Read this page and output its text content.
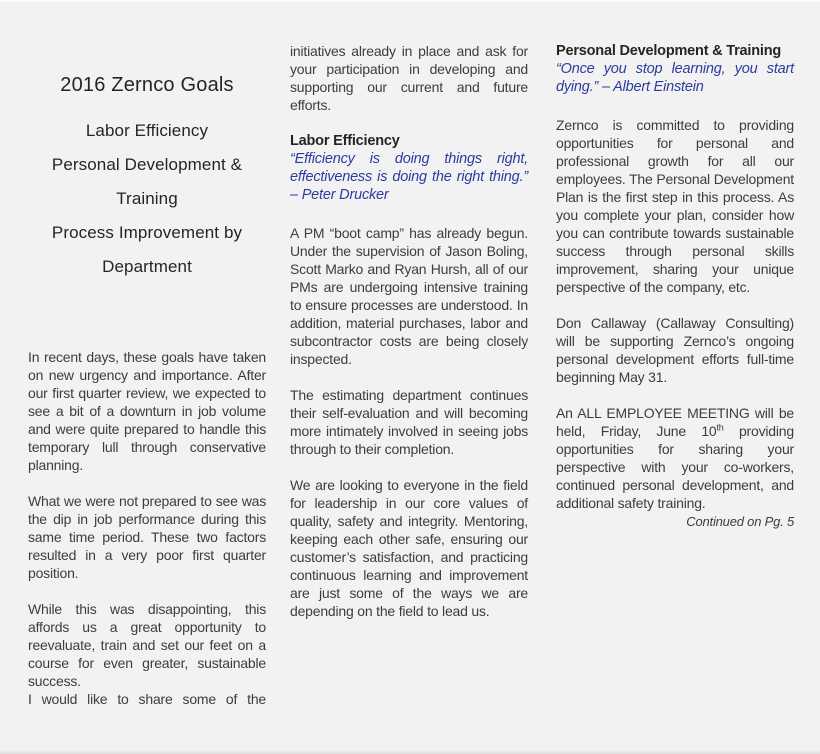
2016 Zernco Goals
Labor Efficiency
Personal Development & Training
Process Improvement by Department

In recent days, these goals have taken on new urgency and importance. After our first quarter review, we expected to see a bit of a downturn in job volume and were quite prepared to handle this temporary lull through conservative planning.

What we were not prepared to see was the dip in job performance during this same time period. These two factors resulted in a very poor first quarter position.

While this was disappointing, this affords us a great opportunity to reevaluate, train and set our feet on a course for even greater, sustainable success.

I would like to share some of the

initiatives already in place and ask for your participation in developing and supporting our current and future efforts.

Labor Efficiency

“Efficiency is doing things right, effectiveness is doing the right thing.” – Peter Drucker

A PM “boot camp” has already begun. Under the supervision of Jason Boling, Scott Marko and Ryan Hursh, all of our PMs are undergoing intensive training to ensure processes are understood. In addition, material purchases, labor and subcontractor costs are being closely inspected.

The estimating department continues their self-evaluation and will becoming more intimately involved in seeing jobs through to their completion.

We are looking to everyone in the field for leadership in our core values of quality, safety and integrity. Mentoring, keeping each other safe, ensuring our customer’s satisfaction, and practicing continuous learning and improvement are just some of the ways we are depending on the field to lead us.

Personal Development & Training

“Once you stop learning, you start dying.” – Albert Einstein

Zernco is committed to providing opportunities for personal and professional growth for all our employees. The Personal Development Plan is the first step in this process. As you complete your plan, consider how you can contribute towards sustainable success through personal skills improvement, sharing your unique perspective of the company, etc.

Don Callaway (Callaway Consulting) will be supporting Zernco’s ongoing personal development efforts full-time beginning May 31.

An ALL EMPLOYEE MEETING will be held, Friday, June 10th providing opportunities for sharing your perspective with your co-workers, continued personal development, and additional safety training.

Continued on Pg. 5
